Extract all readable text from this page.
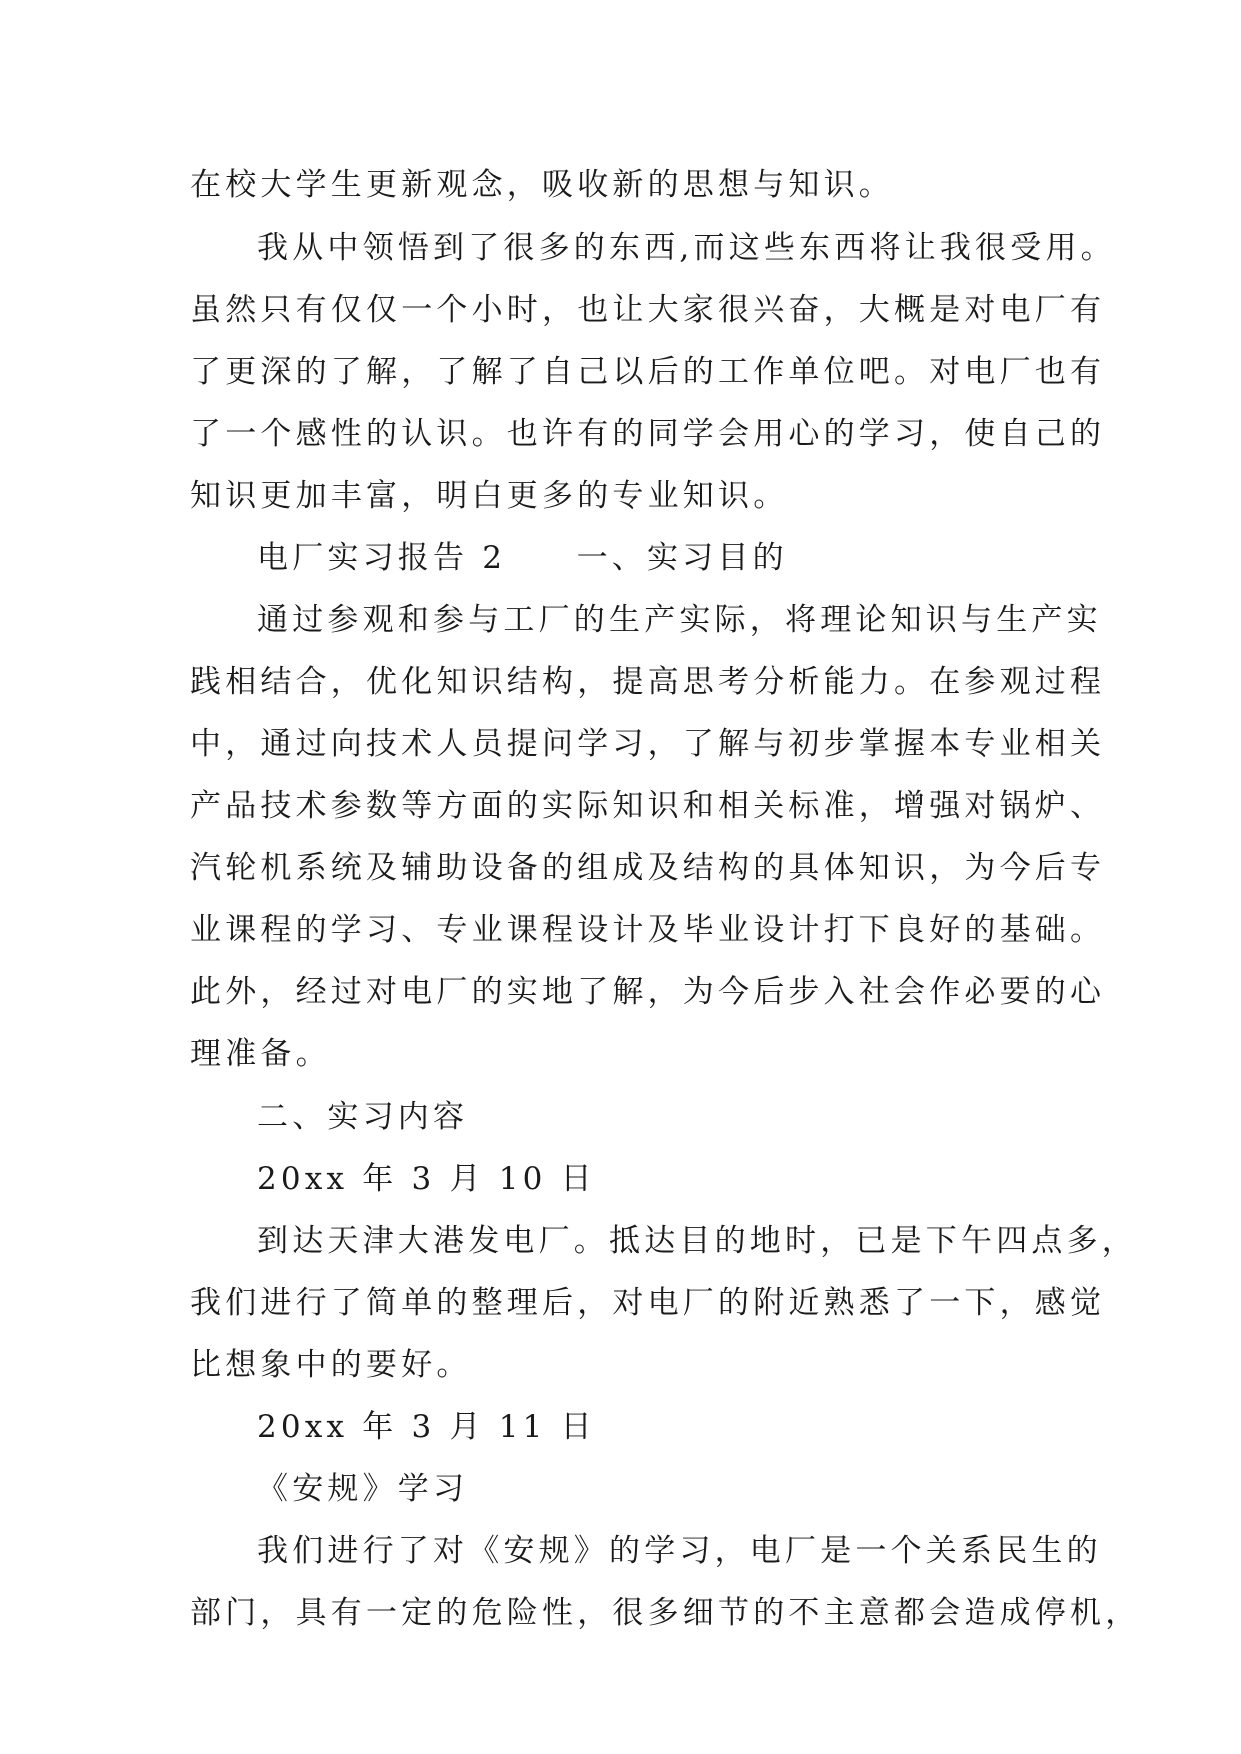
在校大学生更新观念，吸收新的思想与知识。
我从中领悟到了很多的东西,而这些东西将让我很受用。
虽然只有仅仅一个小时，也让大家很兴奋，大概是对电厂有
了更深的了解，了解了自己以后的工作单位吧。对电厂也有
了一个感性的认识。也许有的同学会用心的学习，使自己的
知识更加丰富，明白更多的专业知识。
电厂实习报告 2　　一、实习目的
通过参观和参与工厂的生产实际，将理论知识与生产实
践相结合，优化知识结构，提高思考分析能力。在参观过程
中，通过向技术人员提问学习，了解与初步掌握本专业相关
产品技术参数等方面的实际知识和相关标准，增强对锅炉、
汽轮机系统及辅助设备的组成及结构的具体知识，为今后专
业课程的学习、专业课程设计及毕业设计打下良好的基础。
此外，经过对电厂的实地了解，为今后步入社会作必要的心
理准备。
二、实习内容
20xx 年 3 月 10 日
到达天津大港发电厂。抵达目的地时，已是下午四点多，
我们进行了简单的整理后，对电厂的附近熟悉了一下，感觉
比想象中的要好。
20xx 年 3 月 11 日
《安规》学习
我们进行了对《安规》的学习，电厂是一个关系民生的
部门，具有一定的危险性，很多细节的不主意都会造成停机，
